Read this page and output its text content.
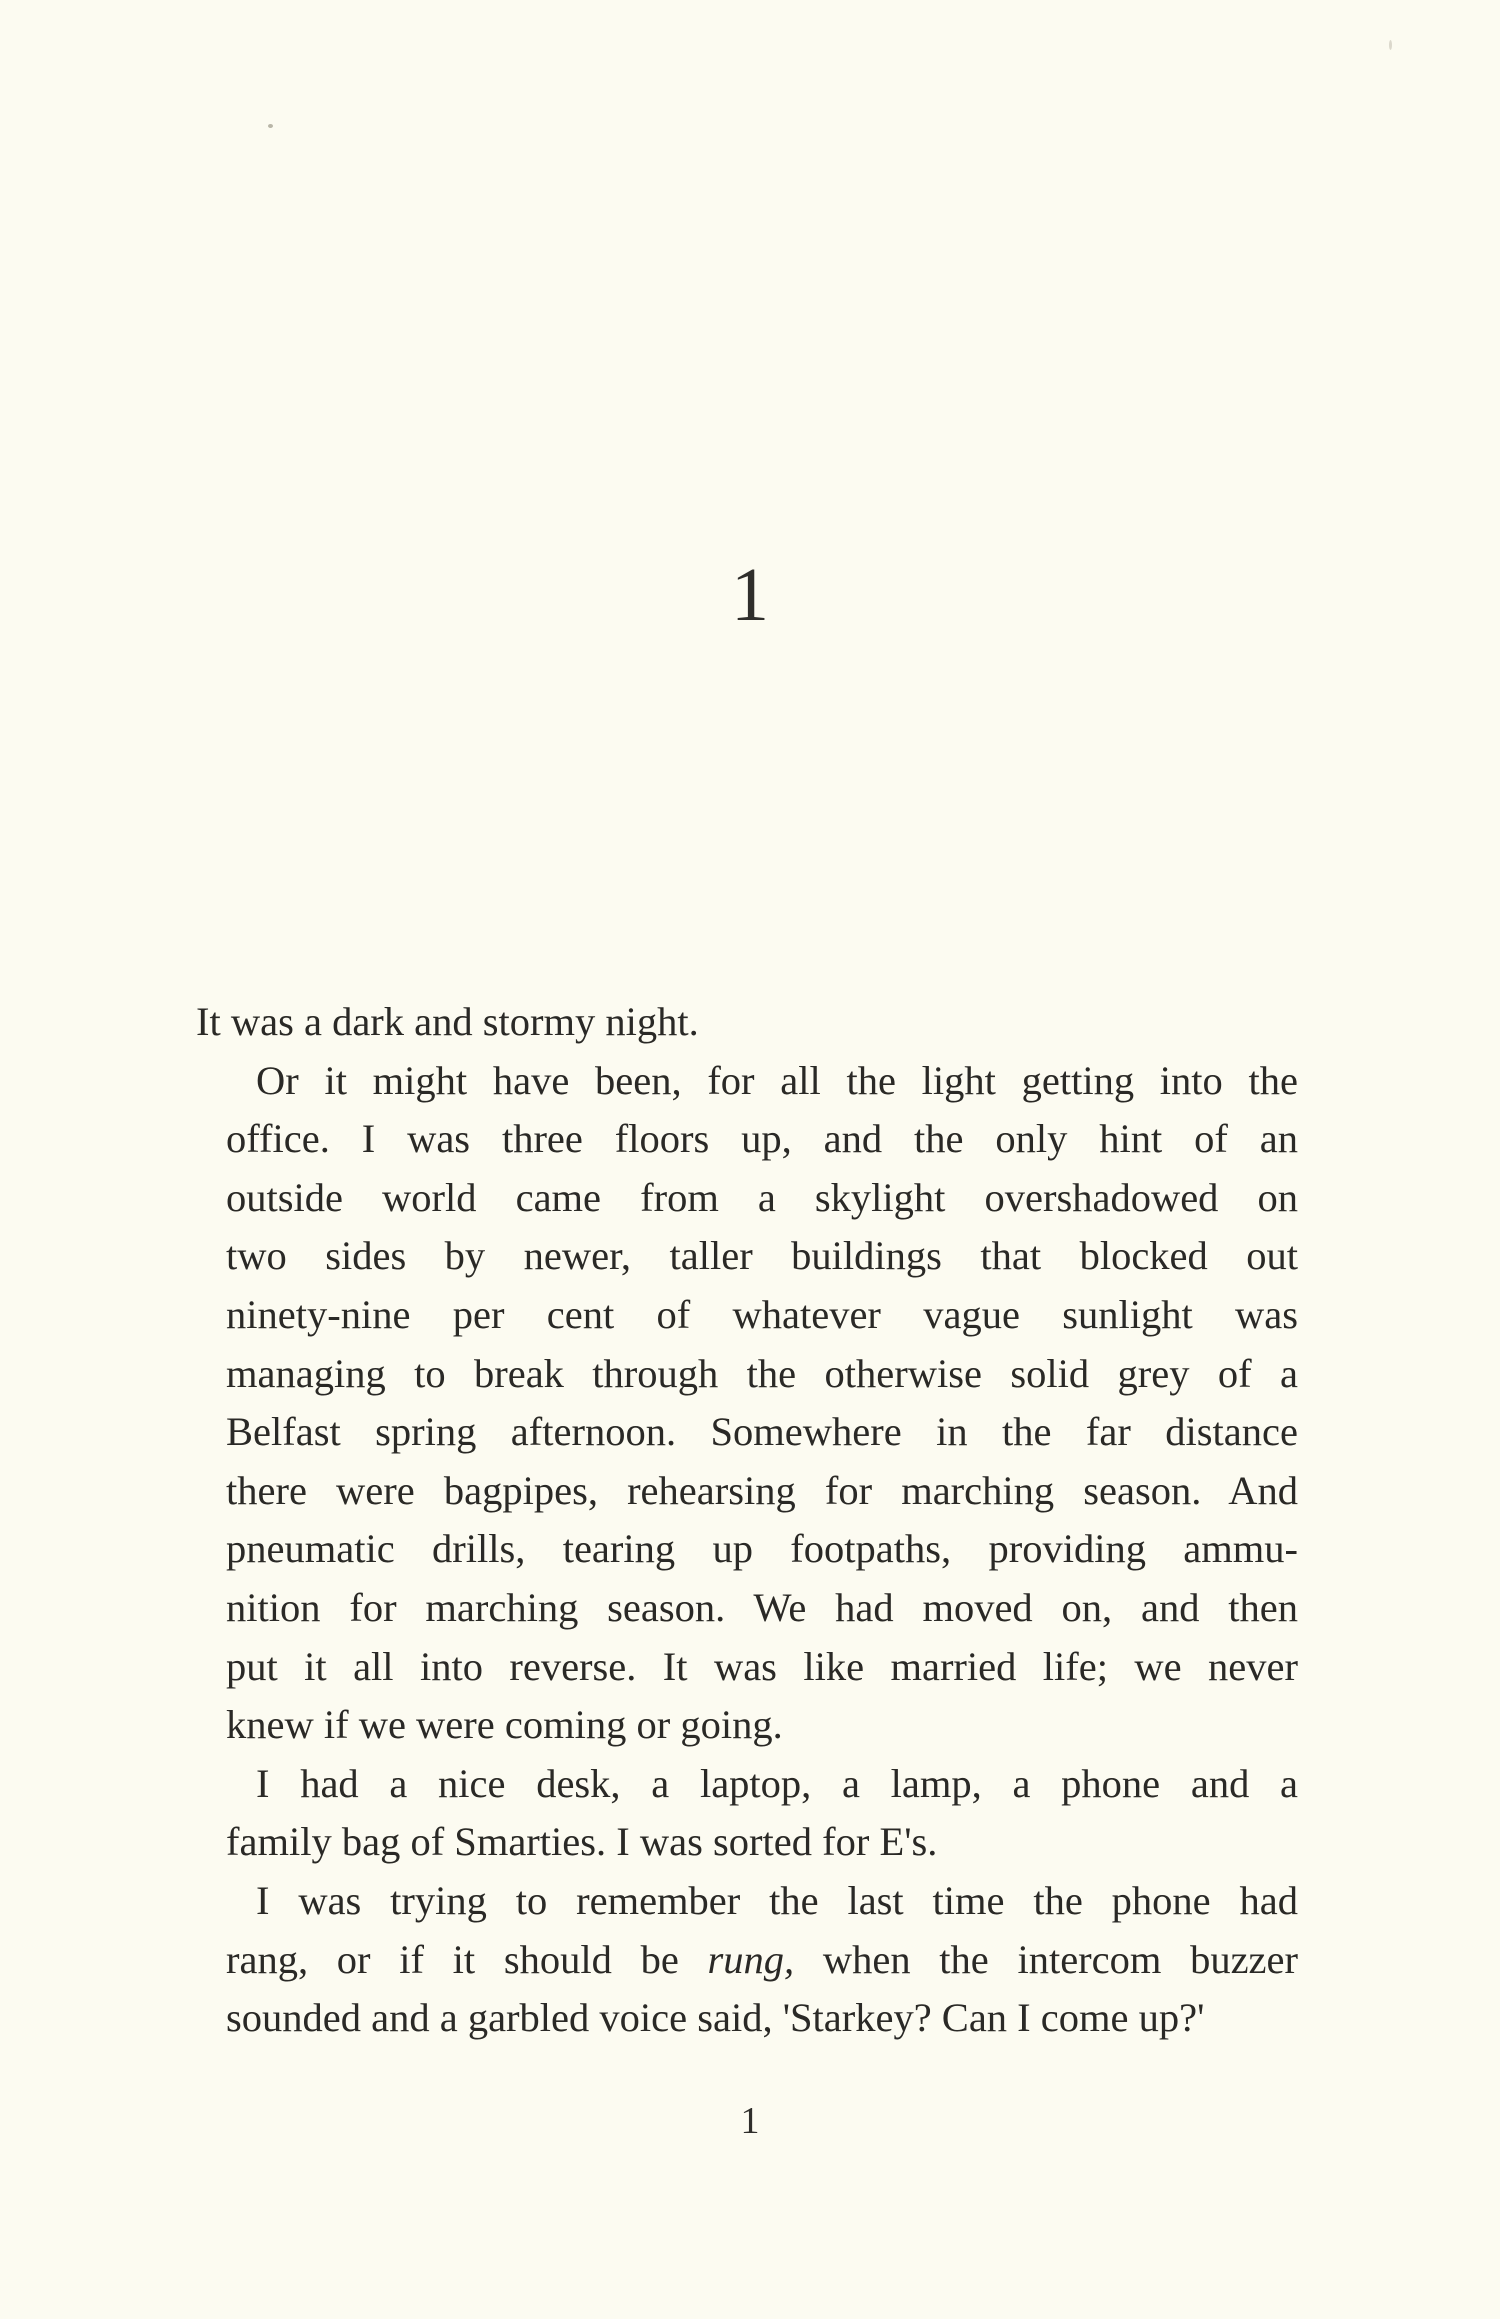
1

It was a dark and stormy night.

Or it might have been, for all the light getting into the
office. I was three floors up, and the only hint of an
outside world came from a skylight overshadowed on
two sides by newer, taller buildings that blocked out
ninety-nine per cent of whatever vague sunlight was
managing to break through the otherwise solid grey of a
Belfast spring afternoon. Somewhere in the far distance
there were bagpipes, rehearsing for marching season. And
pneumatic drills, tearing up footpaths, providing ammu-
nition for marching season. We had moved on, and then
put it all into reverse. It was like married life; we never
knew if we were coming or going.

I had a nice desk, a laptop, a lamp, a phone and a
family bag of Smarties. I was sorted for E's.

I was trying to remember the last time the phone had
rang, or if it should be rung, when the intercom buzzer
sounded and a garbled voice said, 'Starkey? Can I come up?'

1
